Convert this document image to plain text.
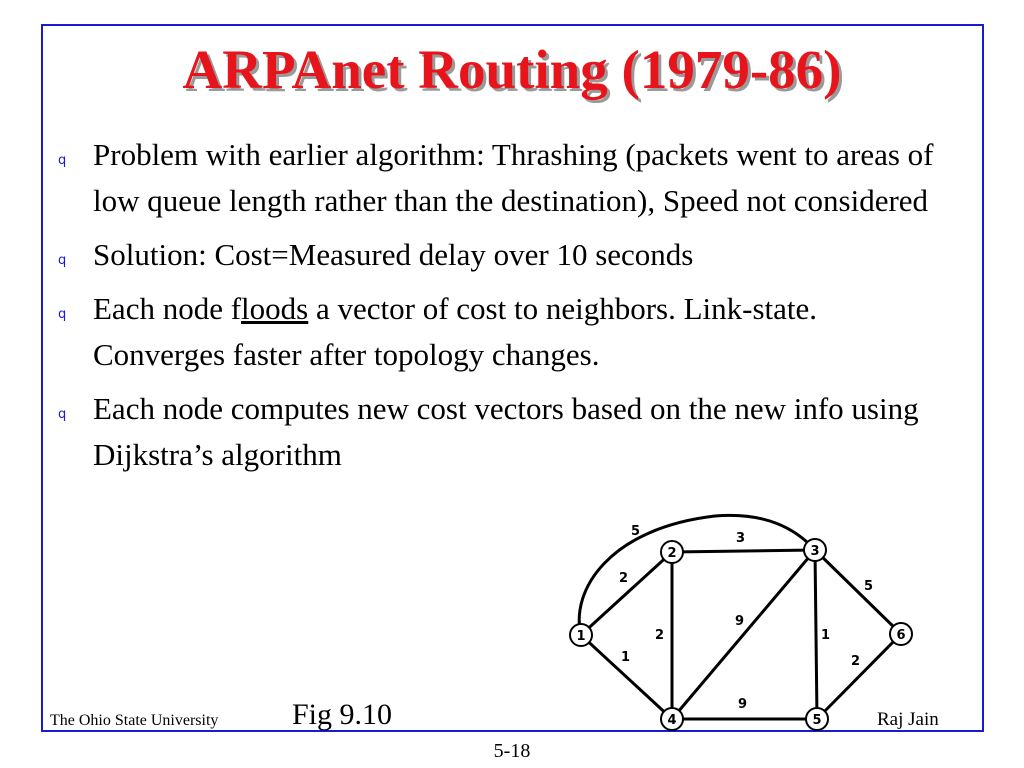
ARPAnet Routing (1979-86)
q Problem with earlier algorithm: Thrashing (packets went to areas of low queue length rather than the destination), Speed not considered
q Solution: Cost=Measured delay over 10 seconds
q Each node floods a vector of cost to neighbors. Link-state. Converges faster after topology changes.
q Each node computes new cost vectors based on the new info using Dijkstra’s algorithm
2
5
1
3
2
9
1
5
9
2
1
2	3
4	5
6
The Ohio State University Fig 9.10	Raj Jain
5-18
